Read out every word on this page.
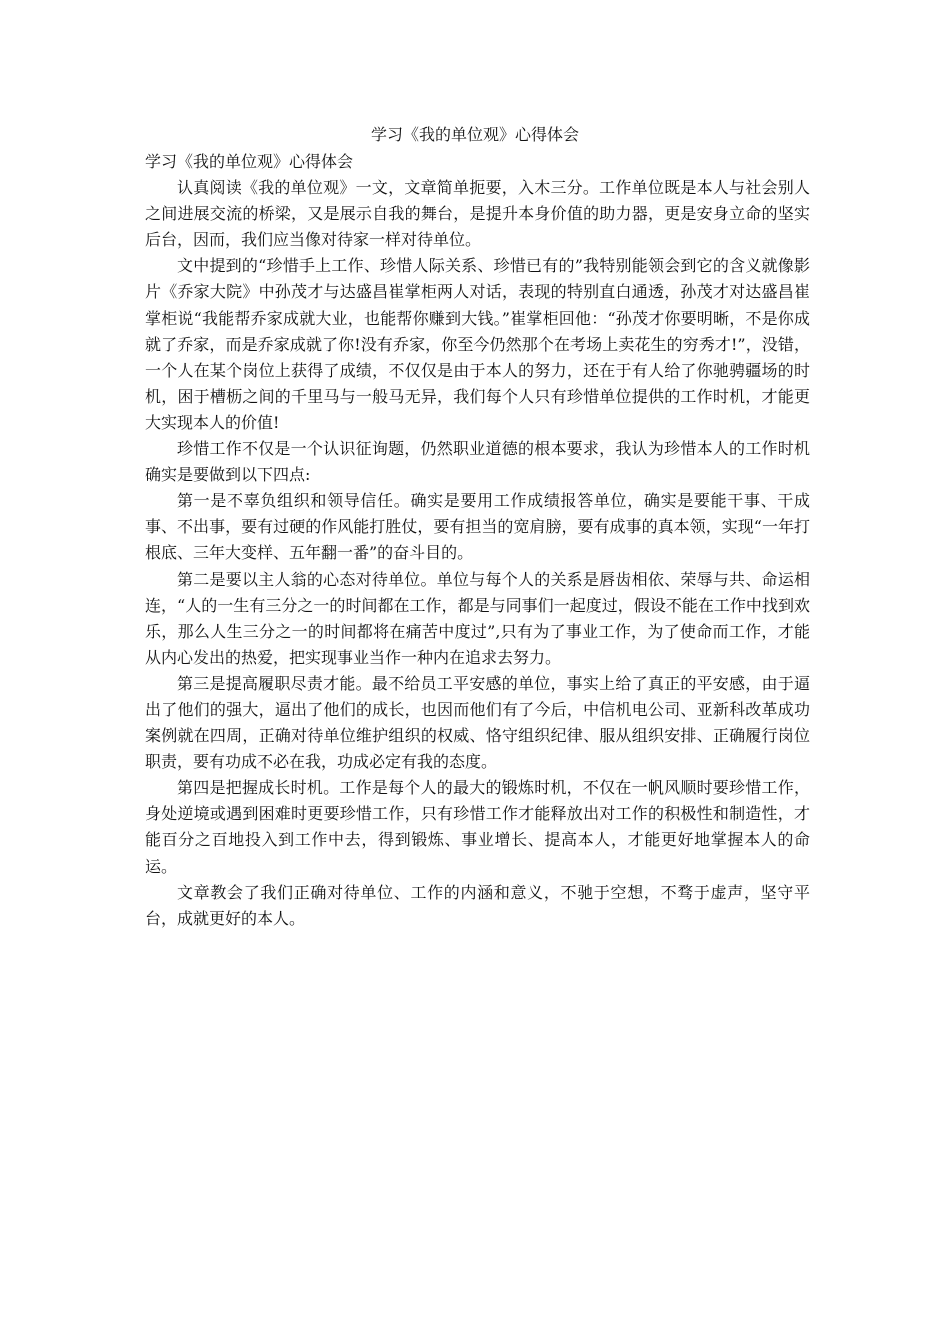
学习《我的单位观》心得体会

学习《我的单位观》心得体会

认真阅读《我的单位观》一文，文章简单扼要，入木三分。工作单位既是本人与社会别人之间进展交流的桥梁，又是展示自我的舞台，是提升本身价值的助力器，更是安身立命的坚实后台，因而，我们应当像对待家一样对待单位。

文中提到的“珍惜手上工作、珍惜人际关系、珍惜已有的”我特别能领会到它的含义就像影片《乔家大院》中孙茂才与达盛昌崔掌柜两人对话，表现的特别直白通透，孙茂才对达盛昌崔掌柜说“我能帮乔家成就大业，也能帮你赚到大钱。”崔掌柜回他：“孙茂才你要明晰，不是你成就了乔家，而是乔家成就了你!没有乔家，你至今仍然那个在考场上卖花生的穷秀才!”，没错，一个人在某个岗位上获得了成绩，不仅仅是由于本人的努力，还在于有人给了你驰骋疆场的时机，困于槽枥之间的千里马与一般马无异，我们每个人只有珍惜单位提供的工作时机，才能更大实现本人的价值!

珍惜工作不仅是一个认识征询题，仍然职业道德的根本要求，我认为珍惜本人的工作时机确实是要做到以下四点:

第一是不辜负组织和领导信任。确实是要用工作成绩报答单位，确实是要能干事、干成事、不出事，要有过硬的作风能打胜仗，要有担当的宽肩膀，要有成事的真本领，实现“一年打根底、三年大变样、五年翻一番”的奋斗目的。

第二是要以主人翁的心态对待单位。单位与每个人的关系是唇齿相依、荣辱与共、命运相连，“人的一生有三分之一的时间都在工作，都是与同事们一起度过，假设不能在工作中找到欢乐，那么人生三分之一的时间都将在痛苦中度过”,只有为了事业工作，为了使命而工作，才能从内心发出的热爱，把实现事业当作一种内在追求去努力。

第三是提高履职尽责才能。最不给员工平安感的单位，事实上给了真正的平安感，由于逼出了他们的强大，逼出了他们的成长，也因而他们有了今后，中信机电公司、亚新科改革成功案例就在四周，正确对待单位维护组织的权威、恪守组织纪律、服从组织安排、正确履行岗位职责，要有功成不必在我，功成必定有我的态度。

第四是把握成长时机。工作是每个人的最大的锻炼时机，不仅在一帆风顺时要珍惜工作，身处逆境或遇到困难时更要珍惜工作，只有珍惜工作才能释放出对工作的积极性和制造性，才能百分之百地投入到工作中去，得到锻炼、事业增长、提高本人，才能更好地掌握本人的命运。

文章教会了我们正确对待单位、工作的内涵和意义，不驰于空想，不骛于虚声，坚守平台，成就更好的本人。
